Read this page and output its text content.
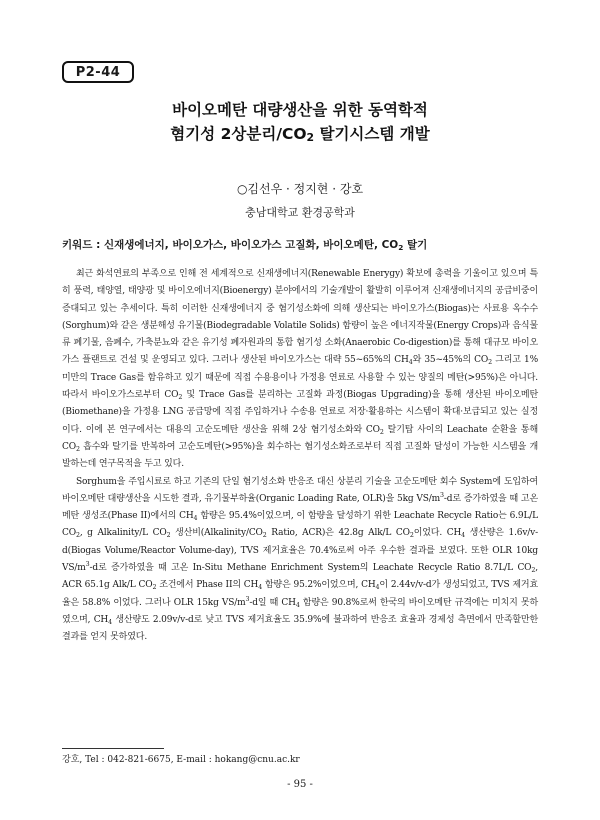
P2-44
바이오메탄 대량생산을 위한 동역학적
혐기성 2상분리$/CO_2$ 탈기시스템 개발
○김선우 · 정지현 · 강호
충남대학교 환경공학과
키워드 : 신재생에너지, 바이오가스, 바이오가스 고질화, 바이오메탄, $CO_2$ 탈기

최근 화석연료의 부족으로 인해 전 세계적으로 신재생에너지(Renewable Enerygy) 확보에 총력을 기울이고 있으며 특히 풍력, 태양열, 태양광 및 바이오에너지(Bioenergy) 분야에서의 기술개발이 활발히 이루어져 신재생에너지의 공급비중이 증대되고 있는 추세이다. 특히 이러한 신재생에너지 중 혐기성소화에 의해 생산되는 바이오가스(Biogas)는 사료용 옥수수(Sorghum)와 같은 생분해성 유기물(Biodegradable Volatile Solids) 함량이 높은 에너지작물(Energy Crops)과 음식물류 폐기물, 음폐수, 가축분뇨와 같은 유기성 폐자원과의 통합 혐기성 소화(Anaerobic Co-digestion)를 통해 대규모 바이오가스 플랜트로 건설 및 운영되고 있다. 그러나 생산된 바이오가스는 대략 55~65%의 $CH_4$와 35~45%의 $CO_2$ 그리고 1% 미만의 Trace Gas를 함유하고 있기 때문에 직접 수용용이나 가정용 연료로 사용할 수 있는 양질의 메탄(>95%)은 아니다. 따라서 바이오가스로부터 $CO_2$ 및 Trace Gas를 분리하는 고질화 과정(Biogas Upgrading)을 통해 생산된 바이오메탄(Biomethane)을 가정용 LNG 공급망에 직접 주입하거나 수송용 연료로 저장·활용하는 시스템이 확대·보급되고 있는 실정이다. 이에 본 연구에서는 대용의 고순도메탄 생산을 위해 2상 혐기성소화와 $CO_2$ 탈기탑 사이의 Leachate 순환을 통해 $CO_2$ 흡수와 탈기를 반복하여 고순도메탄(>95%)을 회수하는 혐기성소화조로부터 직접 고질화 달성이 가능한 시스템을 개발하는데 연구목적을 두고 있다.

Sorghum을 주입시료로 하고 기존의 단일 혐기성소화 반응조 대신 상분리 기술을 고순도메탄 회수 System에 도입하여 바이오메탄 대량생산을 시도한 결과, 유기물부하율(Organic Loading Rate, OLR)을 5kg $VS/m^3-d$로 증가하였을 때 고온 메탄 생성조(Phase II)에서의 $CH_4$ 함량은 95.4%이었으며, 이 함량을 달성하기 위한 Leachate Recycle Ratio는 6.9L/L $CO_2$, g Alkalinity/L $CO_2$ 생산비($Alkalinity/CO_2$ Ratio, ACR)은 42.8g Alk/L $CO_2$이었다. $CH_4$ 생산량은 1.6v/v-d(Biogas Volume/Reactor Volume-day), TVS 제거효율은 70.4%로써 아주 우수한 결과를 보였다. 또한 OLR 10kg $VS/m^3-d$로 증가하였을 때 고온 In-Situ Methane Enrichment System의 Leachate Recycle Ratio 8.7L/L $CO_2$, ACR 65.1g Alk/L $CO_2$ 조건에서 Phase II의 $CH_4$ 함량은 95.2%이었으며, $CH_4$이 2.44v/v-d가 생성되었고, TVS 제거효율은 58.8% 이었다. 그러나 OLR 15kg $VS/m^3-d$일 때 $CH_4$ 함량은 90.8%로써 한국의 바이오메탄 규격에는 미치지 못하였으며, $CH_4$ 생산량도 2.09v/v-d로 낮고 TVS 제거효율도 35.9%에 불과하여 반응조 효율과 경제성 측면에서 만족할만한 결과를 얻지 못하였다.

강호, Tel : 042-821-6675, E-mail : hokang@cnu.ac.kr
- 95 -
